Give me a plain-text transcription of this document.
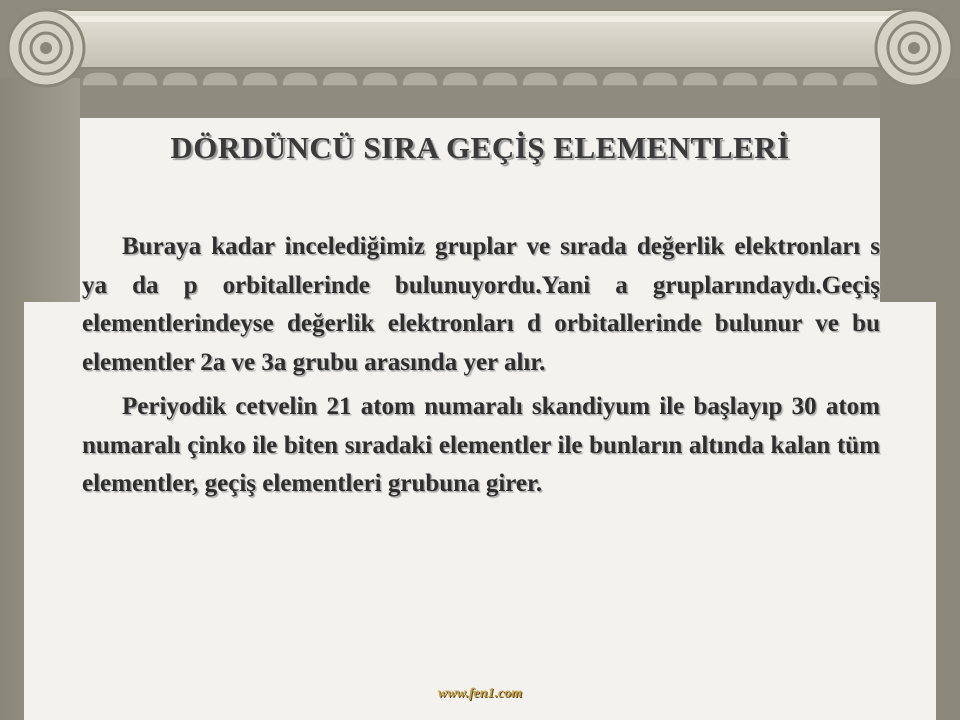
DÖRDÜNCÜ SIRA GEÇİŞ ELEMENTLERİ

Buraya kadar incelediğimiz gruplar ve sırada değerlik elektronları s ya da p orbitallerinde bulunuyordu.Yani a gruplarındaydı.Geçiş elementlerindeyse değerlik elektronları d orbitallerinde bulunur ve bu elementler 2a ve 3a grubu arasında yer alır.

Periyodik cetvelin 21 atom numaralı skandiyum ile başlayıp 30 atom numaralı çinko ile biten sıradaki elementler ile bunların altında kalan tüm elementler, geçiş elementleri grubuna girer.

www.fen1.com
